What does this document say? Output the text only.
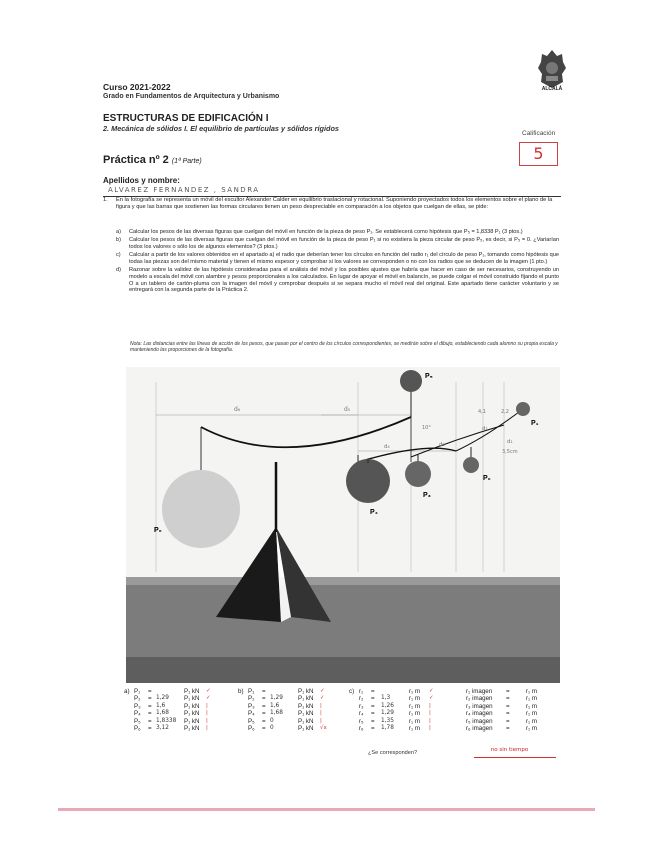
ALCALÁ
Curso 2021-2022
Grado en Fundamentos de Arquitectura y Urbanismo
ESTRUCTURAS DE EDIFICACIÓN I
2. Mecánica de sólidos I. El equilibrio de partículas y sólidos rígidos
Calificación
5
Práctica nº 2 (1ª Parte)
Apellidos y nombre:
ALVAREZ FERNANDEZ , SANDRA
1. En la fotografía se representa un móvil del escultor Alexander Calder en equilibrio traslacional y rotacional. Suponiendo proyectados todos los elementos sobre el plano de la figura y que las barras que sostienen las formas circulares tienen un peso despreciable en comparación a los objetos que cuelgan de ellas, se pide:
a) Calcular los pesos de las diversas figuras que cuelgan del móvil en función de la pieza de peso P₁. Se establecerá como hipótesis que P₅ = 1,8338 P₁ (3 ptos.)
b) Calcular los pesos de las diversas figuras que cuelgan del móvil en función de la pieza de peso P₁ si no existiera la pieza circular de peso P₅, es decir, si P₅ = 0. ¿Variarían todos los valores o sólo los de algunos elementos? (3 ptos.)
c) Calcular a partir de los valores obtenidos en el apartado a) el radio que deberían tener los círculos en función del radio r₁ del círculo de peso P₁, tomando como hipótesis que todas las piezas son del mismo material y tienen el mismo espesor y comprobar si los valores se corresponden o no con los radios que se deducen de la imagen (1 pto.)
d) Razonar sobre la validez de las hipótesis consideradas para el análisis del móvil y los posibles ajustes que habría que hacer en caso de ser necesarios, construyendo un modelo a escala del móvil con alambre y pesos proporcionales a los calculados. En lugar de apoyar el móvil en balancín, se puede colgar el móvil construido fijando el punto O a un tablero de cartón-pluma con la imagen del móvil y comprobar después si se separa mucho el móvil real del original. Este apartado tiene carácter voluntario y se entregará con la segunda parte de la Práctica 2.
Nota: Las distancias entre las líneas de acción de los pesos, que pasan por el centro de los círculos correspondientes, se medirán sobre el dibujo, estableciendo cada alumno su propia escala y manteniendo las proporciones de la fotografía.
P₅
P₄
P₃
P₂
P₁
P₆
d₆	d₅
d₄	d₃
d₂
d₁
4,1	2,2
3,5cm
10°
a) P₁ =	P₁ kN ✓
P₂ = 1,29 P₁ kN ✓
P₃ = 1,6	P₁ kN |
P₄ = 1,68 P₁ kN |
P₅ = 1,8338 P₁ kN |
P₆ = 3,12 P₁ kN |
b) P₁ =	P₁ kN ✓
P₂ = 1,29 P₁ kN ✓
P₃ = 1,6	P₁ kN |
P₄ = 1,68 P₁ kN |
P₅ = 0	P₁ kN |
P₆ = 0	P₁ kN √x
c) r₁ =	r₁ m ✓
r₂ = 1,3	r₁ m ✓
r₃ = 1,26 r₁ m |
r₄ = 1,29 r₁ m |
r₅ = 1,35 r₁ m |
r₆ = 1,78 r₁ m |
r₁ imagen =	r₁ m
r₂ imagen =	r₁ m
r₃ imagen =	r₁ m
r₄ imagen =	r₁ m
r₅ imagen =	r₁ m
r₆ imagen =	r₁ m
¿Se corresponden?	no sin tiempo
